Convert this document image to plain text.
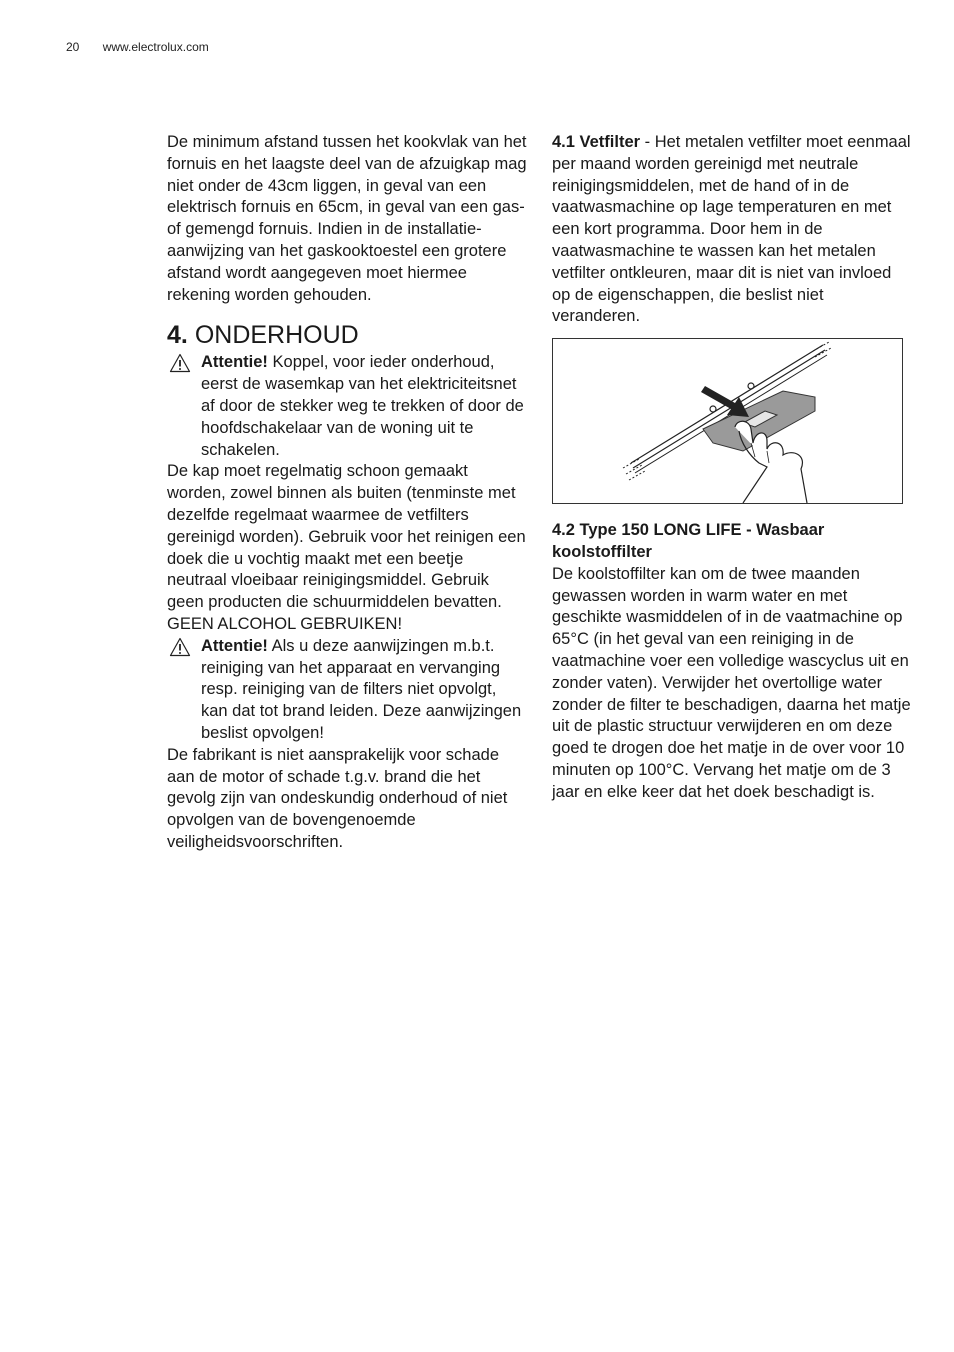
20 www.electrolux.com

De minimum afstand tussen het kookvlak van het fornuis en het laagste deel van de afzuigkap mag niet onder de 43cm liggen, in geval van een elektrisch fornuis en 65cm, in geval van een gas- of gemengd fornuis. Indien in de installatie-aanwijzing van het gaskooktoestel een grotere afstand wordt aangegeven moet hiermee rekening worden gehouden.

4. ONDERHOUD

Attentie! Koppel, voor ieder onderhoud, eerst de wasemkap van het elektriciteitsnet af door de stekker weg te trekken of door de hoofdschakelaar van de woning uit te schakelen.

De kap moet regelmatig schoon gemaakt worden, zowel binnen als buiten (tenminste met dezelfde regelmaat waarmee de vetfilters gereinigd worden). Gebruik voor het reinigen een doek die u vochtig maakt met een beetje neutraal vloeibaar reinigingsmiddel. Gebruik geen producten die schuurmiddelen bevatten.

GEEN ALCOHOL GEBRUIKEN!

Attentie! Als u deze aanwijzingen m.b.t. reiniging van het apparaat en vervanging resp. reiniging van de filters niet opvolgt, kan dat tot brand leiden. Deze aanwijzingen beslist opvolgen!

De fabrikant is niet aansprakelijk voor schade aan de motor of schade t.g.v. brand die het gevolg zijn van ondeskundig onderhoud of niet opvolgen van de bovengenoemde veiligheidsvoorschriften.

4.1 Vetfilter - Het metalen vetfilter moet eenmaal per maand worden gereinigd met neutrale reinigingsmiddelen, met de hand of in de vaatwasmachine op lage temperaturen en met een kort programma. Door hem in de vaatwasmachine te wassen kan het metalen vetfilter ontkleuren, maar dit is niet van invloed op de eigenschappen, die beslist niet veranderen.

4.2 Type 150 LONG LIFE - Wasbaar koolstoffilter

De koolstoffilter kan om de twee maanden gewassen worden in warm water en met geschikte wasmiddelen of in de vaatmachine op 65°C (in het geval van een reiniging in de vaatmachine voer een volledige wascyclus uit en zonder vaten). Verwijder het overtollige water zonder de filter te beschadigen, daarna het matje uit de plastic structuur verwijderen en om deze goed te drogen doe het matje in de over voor 10 minuten op 100°C. Vervang het matje om de 3 jaar en elke keer dat het doek beschadigt is.
